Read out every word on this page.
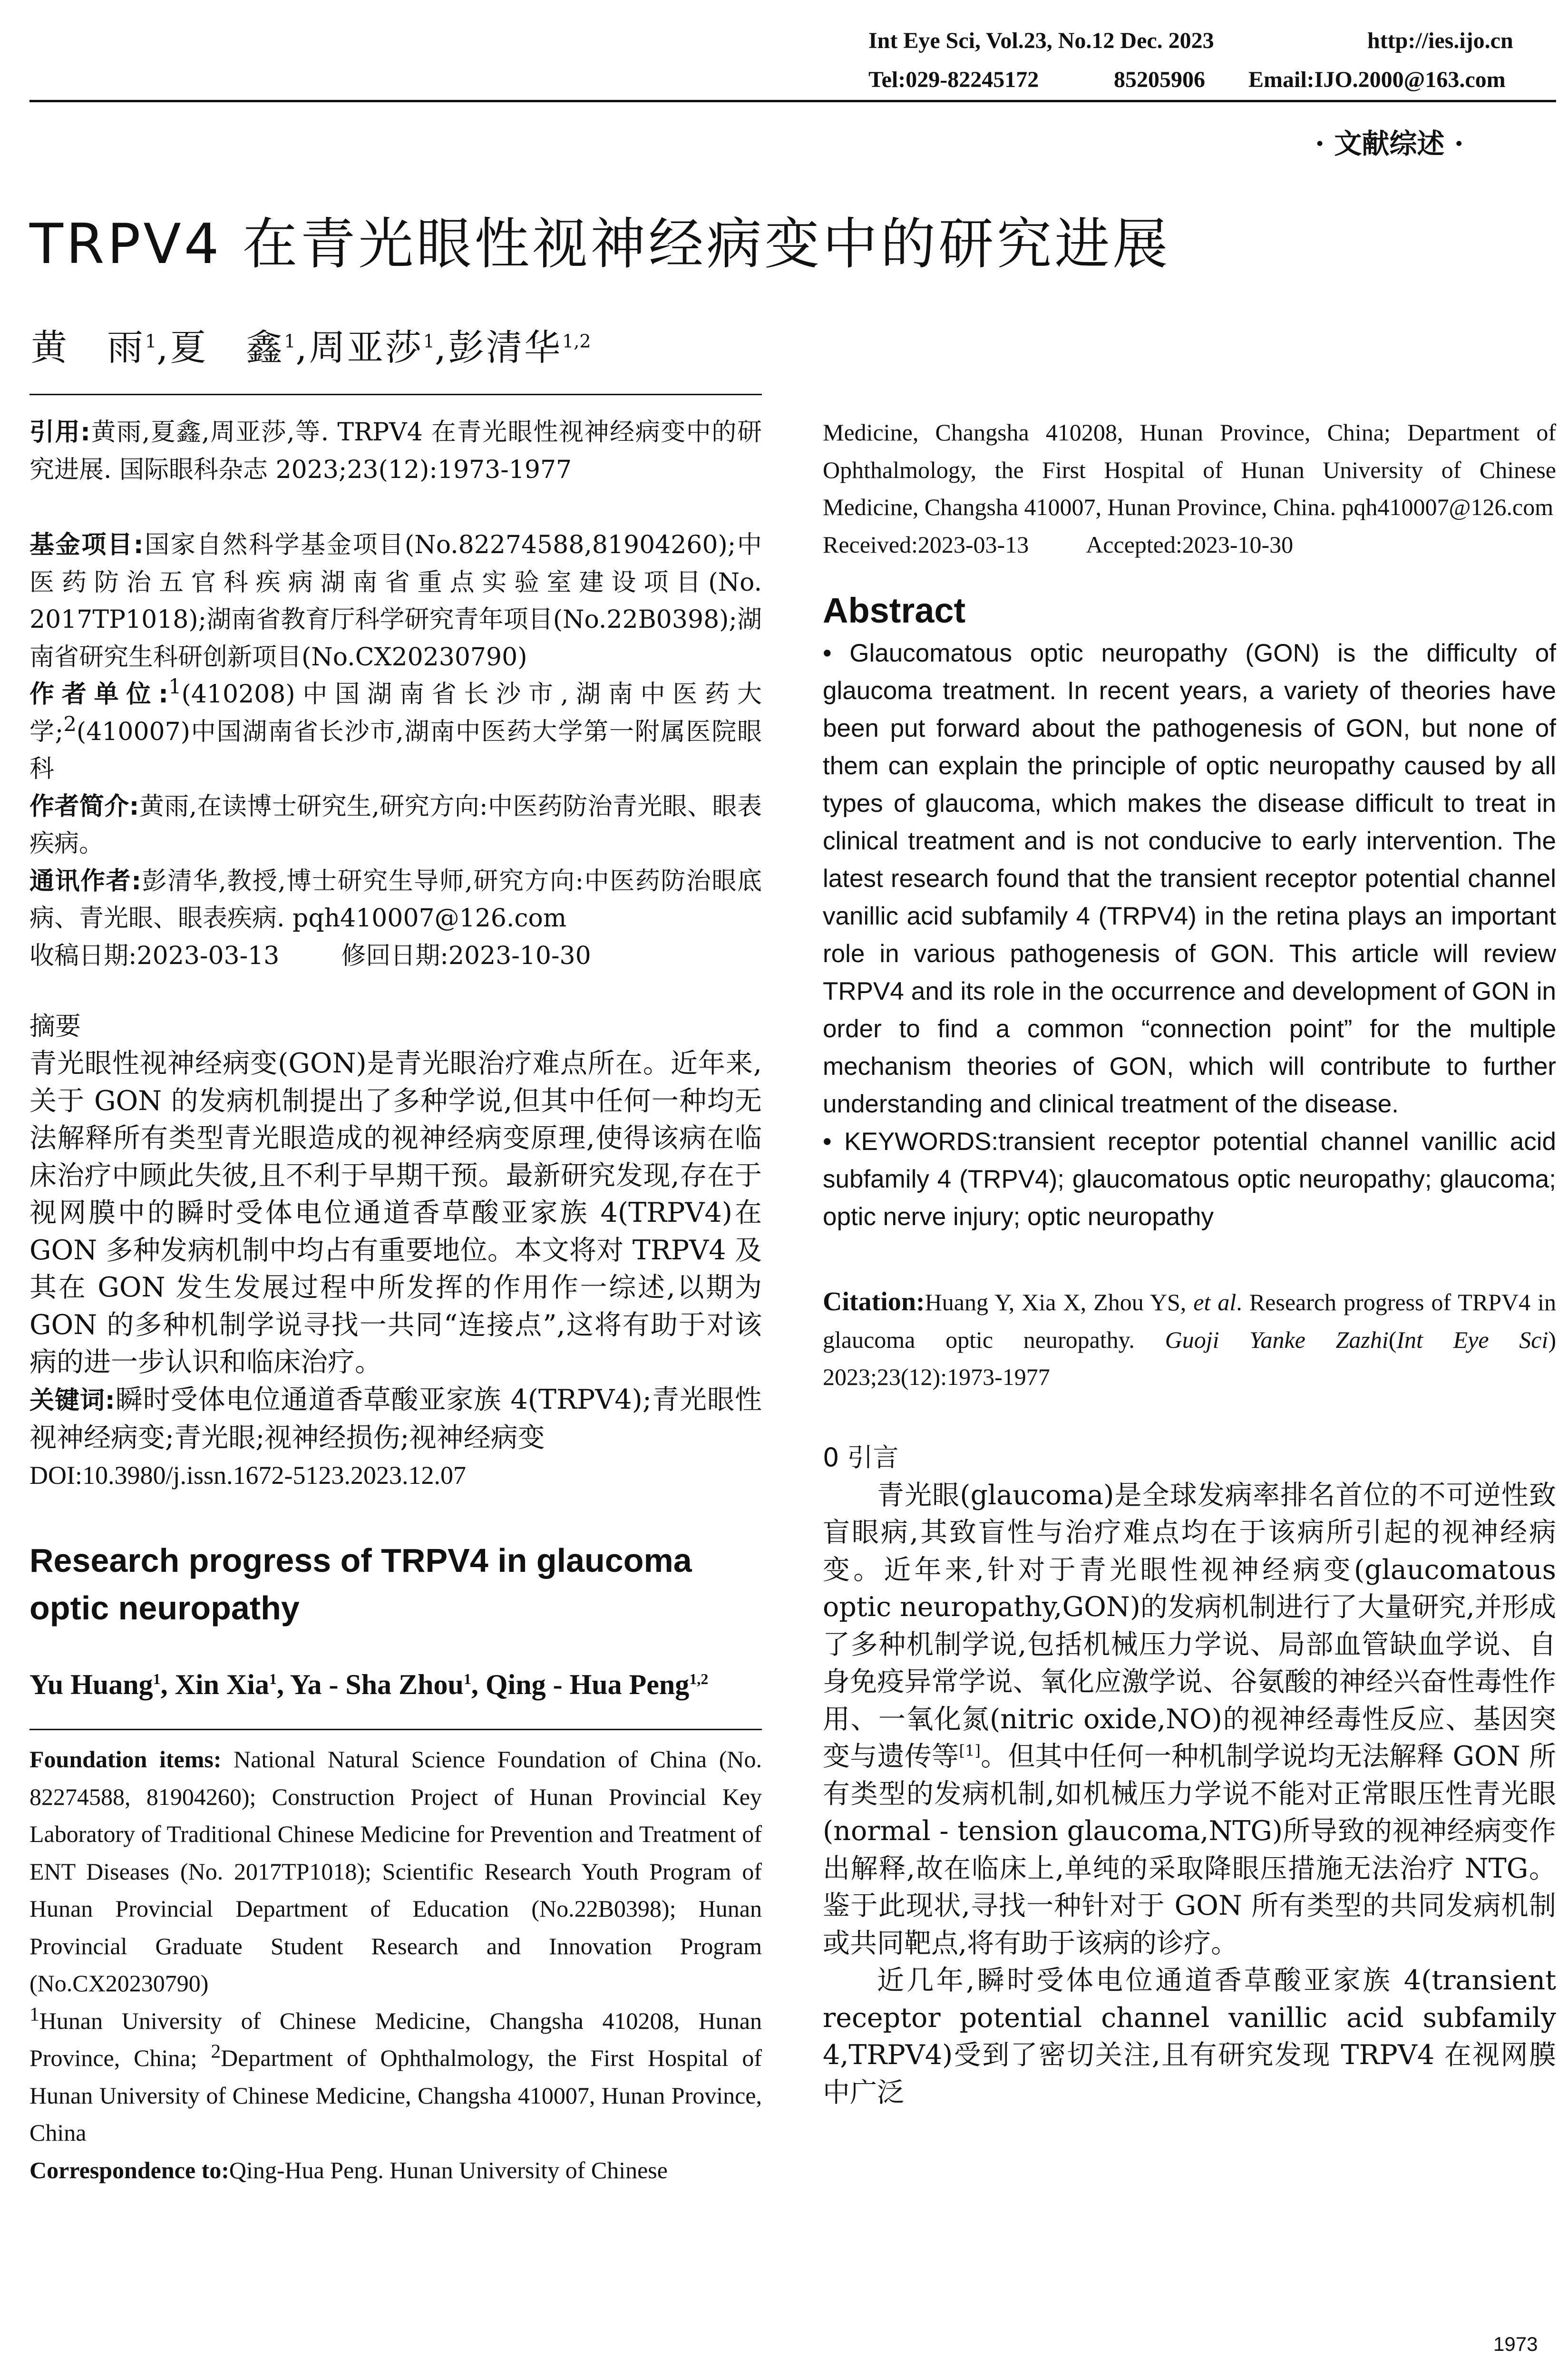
Int Eye Sci, Vol.23, No.12 Dec. 2023	http://ies.ijo.cn
Tel:029-82245172	85205906 Email:IJO.2000@163.com
· 文献综述 ·
TRPV4 在青光眼性视神经病变中的研究进展
黄　雨$^1$,夏　鑫$^1$,周亚莎$^1$,彭清华$^{1,2}$

引用:黄雨,夏鑫,周亚莎,等. TRPV4 在青光眼性视神经病变中的研究进展. 国际眼科杂志 2023;23(12):1973-1977

基金项目:国家自然科学基金项目(No.82274588,81904260);中医药防治五官科疾病湖南省重点实验室建设项目(No. 2017TP1018);湖南省教育厅科学研究青年项目(No.22B0398);湖南省研究生科研创新项目(No.CX20230790)

作者单位:$^1$(410208)中国湖南省长沙市,湖南中医药大学;$^2$(410007)中国湖南省长沙市,湖南中医药大学第一附属医院眼科

作者简介:黄雨,在读博士研究生,研究方向:中医药防治青光眼、眼表疾病。

通讯作者:彭清华,教授,博士研究生导师,研究方向:中医药防治眼底病、青光眼、眼表疾病. pqh410007@126.com

收稿日期:2023-03-13	修回日期:2023-10-30

摘要

青光眼性视神经病变(GON)是青光眼治疗难点所在。近年来,关于 GON 的发病机制提出了多种学说,但其中任何一种均无法解释所有类型青光眼造成的视神经病变原理,使得该病在临床治疗中顾此失彼,且不利于早期干预。最新研究发现,存在于视网膜中的瞬时受体电位通道香草酸亚家族 4(TRPV4)在 GON 多种发病机制中均占有重要地位。本文将对 TRPV4 及其在 GON 发生发展过程中所发挥的作用作一综述,以期为 GON 的多种机制学说寻找一共同“连接点”,这将有助于对该病的进一步认识和临床治疗。

关键词:瞬时受体电位通道香草酸亚家族 4(TRPV4);青光眼性视神经病变;青光眼;视神经损伤;视神经病变

DOI:10.3980/j.issn.1672-5123.2023.12.07

Research progress of TRPV4 in glaucoma optic neuropathy

Yu Huang$^1$, Xin Xia$^1$, Ya - Sha Zhou$^1$, Qing - Hua Peng$^{1,2}$

Foundation items: National Natural Science Foundation of China (No. 82274588, 81904260); Construction Project of Hunan Provincial Key Laboratory of Traditional Chinese Medicine for Prevention and Treatment of ENT Diseases (No. 2017TP1018); Scientific Research Youth Program of Hunan Provincial Department of Education (No.22B0398); Hunan Provincial Graduate Student Research and Innovation Program (No.CX20230790)

$^1$Hunan University of Chinese Medicine, Changsha 410208, Hunan Province, China; $^2$Department of Ophthalmology, the First Hospital of Hunan University of Chinese Medicine, Changsha 410007, Hunan Province, China

Correspondence to:Qing-Hua Peng. Hunan University of Chinese

Medicine, Changsha 410208, Hunan Province, China; Department of Ophthalmology, the First Hospital of Hunan University of Chinese Medicine, Changsha 410007, Hunan Province, China. pqh410007@126.com

Received:2023-03-13 Accepted:2023-10-30

Abstract

• Glaucomatous optic neuropathy (GON) is the difficulty of glaucoma treatment. In recent years, a variety of theories have been put forward about the pathogenesis of GON, but none of them can explain the principle of optic neuropathy caused by all types of glaucoma, which makes the disease difficult to treat in clinical treatment and is not conducive to early intervention. The latest research found that the transient receptor potential channel vanillic acid subfamily 4 (TRPV4) in the retina plays an important role in various pathogenesis of GON. This article will review TRPV4 and its role in the occurrence and development of GON in order to find a common “connection point” for the multiple mechanism theories of GON, which will contribute to further understanding and clinical treatment of the disease.

• KEYWORDS:transient receptor potential channel vanillic acid subfamily 4 (TRPV4); glaucomatous optic neuropathy; glaucoma; optic nerve injury; optic neuropathy

Citation:Huang Y, Xia X, Zhou YS, et al. Research progress of TRPV4 in glaucoma optic neuropathy. Guoji Yanke Zazhi(Int Eye Sci) 2023;23(12):1973-1977

0 引言

青光眼(glaucoma)是全球发病率排名首位的不可逆性致盲眼病,其致盲性与治疗难点均在于该病所引起的视神经病变。近年来,针对于青光眼性视神经病变(glaucomatous optic neuropathy,GON)的发病机制进行了大量研究,并形成了多种机制学说,包括机械压力学说、局部血管缺血学说、自身免疫异常学说、氧化应激学说、谷氨酸的神经兴奋性毒性作用、一氧化氮(nitric oxide,NO)的视神经毒性反应、基因突变与遗传等[1]。但其中任何一种机制学说均无法解释 GON 所有类型的发病机制,如机械压力学说不能对正常眼压性青光眼(normal - tension glaucoma,NTG)所导致的视神经病变作出解释,故在临床上,单纯的采取降眼压措施无法治疗 NTG。鉴于此现状,寻找一种针对于 GON 所有类型的共同发病机制或共同靶点,将有助于该病的诊疗。

近几年,瞬时受体电位通道香草酸亚家族 4(transient receptor potential channel vanillic acid subfamily 4,TRPV4)受到了密切关注,且有研究发现 TRPV4 在视网膜中广泛

1973
